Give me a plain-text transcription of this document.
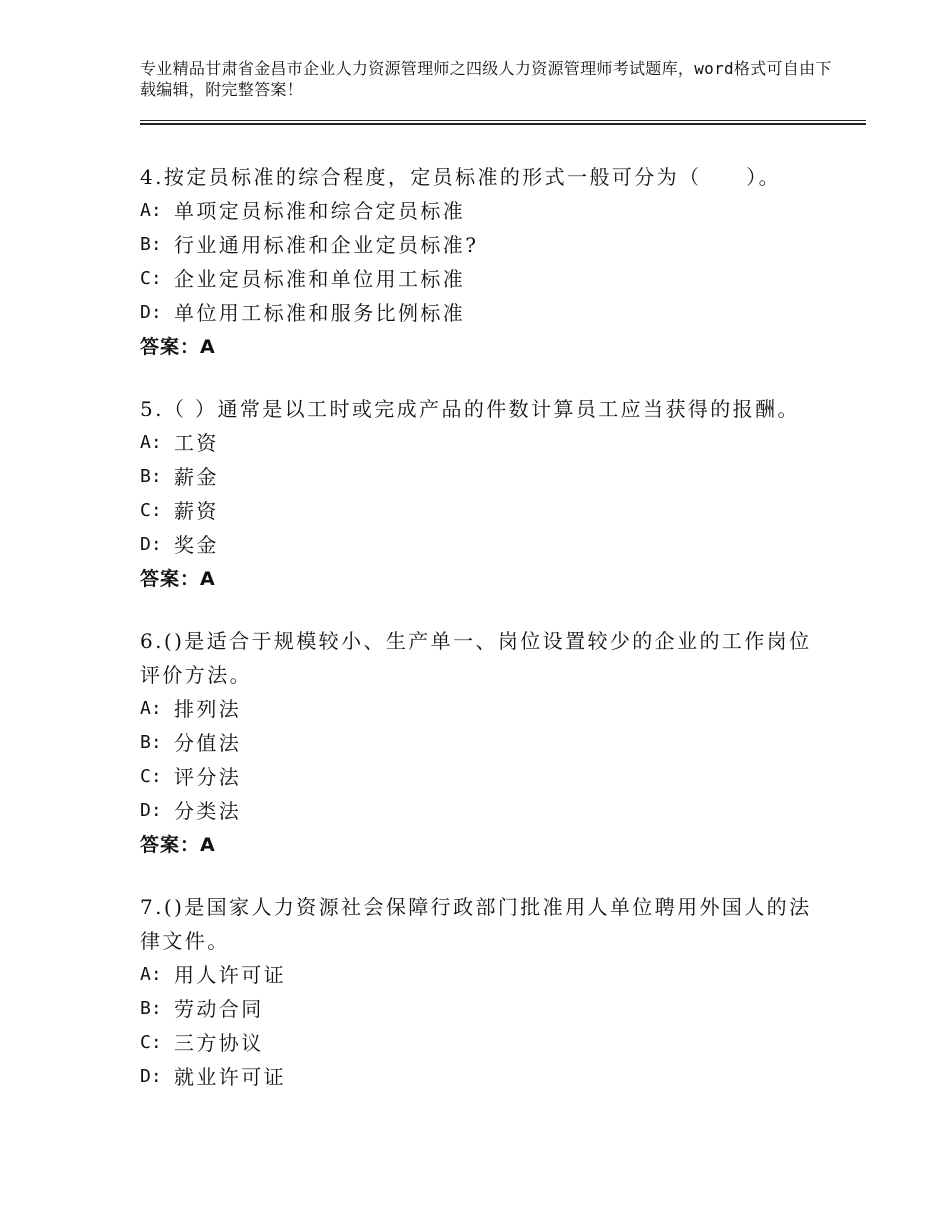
专业精品甘肃省金昌市企业人力资源管理师之四级人力资源管理师考试题库，word格式可自由下载编辑，附完整答案！
4.按定员标准的综合程度，定员标准的形式一般可分为（　　）。
A: 单项定员标准和综合定员标准
B: 行业通用标准和企业定员标准?
C: 企业定员标准和单位用工标准
D: 单位用工标准和服务比例标准
答案：A
5.（ ）通常是以工时或完成产品的件数计算员工应当获得的报酬。
A: 工资
B: 薪金
C: 薪资
D: 奖金
答案：A
6.()是适合于规模较小、生产单一、岗位设置较少的企业的工作岗位评价方法。
A: 排列法
B: 分值法
C: 评分法
D: 分类法
答案：A
7.()是国家人力资源社会保障行政部门批准用人单位聘用外国人的法律文件。
A: 用人许可证
B: 劳动合同
C: 三方协议
D: 就业许可证
